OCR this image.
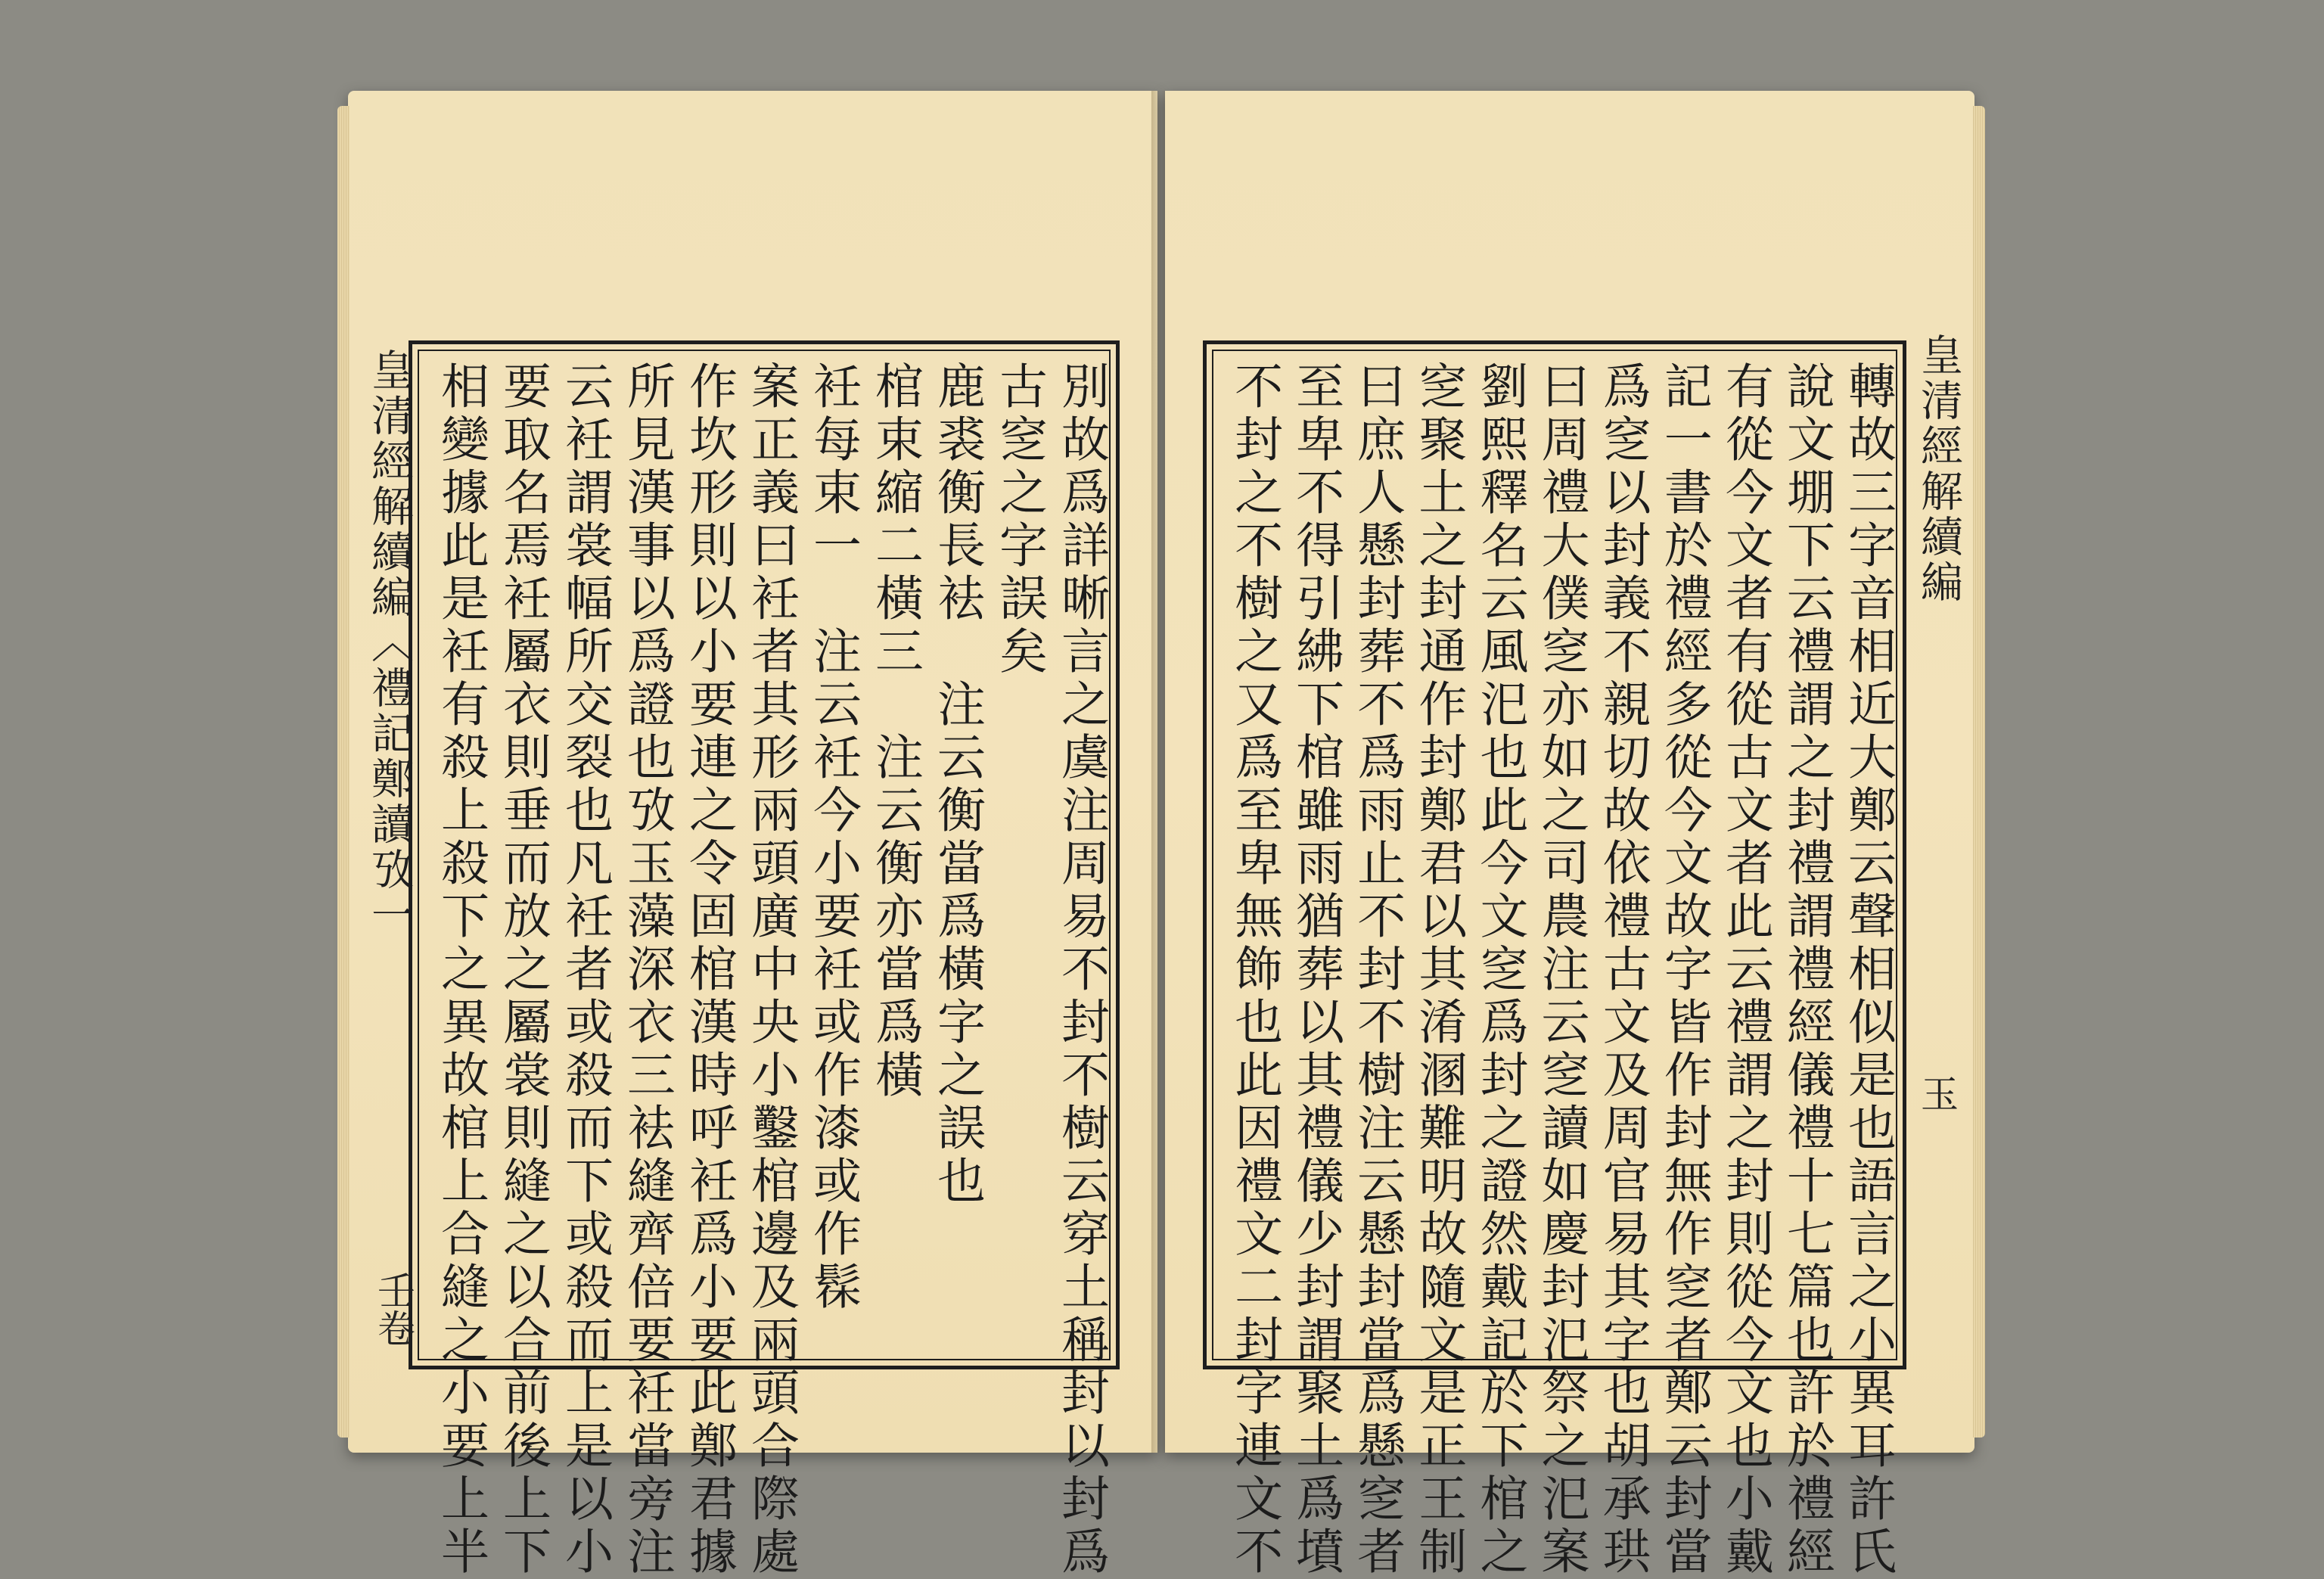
皇清經解續編〈禮記鄭讀攷一
壬卷	別故爲詳晰言之虞注周易不封不樹云穿土稱封以封爲
古窆之字誤矣
鹿裘衡長袪　注云衡當爲橫字之誤也
棺束縮二橫三　注云衡亦當爲橫
衽每束一　注云衽今小要衽或作漆或作髹
案正義曰衽者其形兩頭廣中央小鑿棺邊及兩頭合際處
作坎形則以小要連之令固棺漢時呼衽爲小要此鄭君據
所見漢事以爲證也攷玉藻深衣三袪縫齊倍要衽當旁注
云衽謂裳幅所交裂也凡衽者或殺而下或殺而上是以小
要取名焉衽屬衣則垂而放之屬裳則縫之以合前後上下
相變據此是衽有殺上殺下之異故棺上合縫之小要上半	皇清經解續編
玉
轉故三字音相近大鄭云聲相似是也語言之小異耳許氏
說文堋下云禮謂之封禮謂禮經儀禮十七篇也許於禮經
有從今文者有從古文者此云禮謂之封則從今文也小戴
記一書於禮經多從今文故字皆作封無作窆者鄭云封當
爲窆以封義不親切故依禮古文及周官易其字也胡承珙
曰周禮大僕窆亦如之司農注云窆讀如慶封汜祭之汜案
劉熙釋名云風汜也此今文窆爲封之證然戴記於下棺之
窆聚土之封通作封鄭君以其淆溷難明故隨文是正王制
曰庶人懸封葬不爲雨止不封不樹注云懸封當爲懸窆者
至卑不得引紼下棺雖雨猶葬以其禮儀少封謂聚土爲墳
不封之不樹之又爲至卑無飾也此因禮文二封字連文不
